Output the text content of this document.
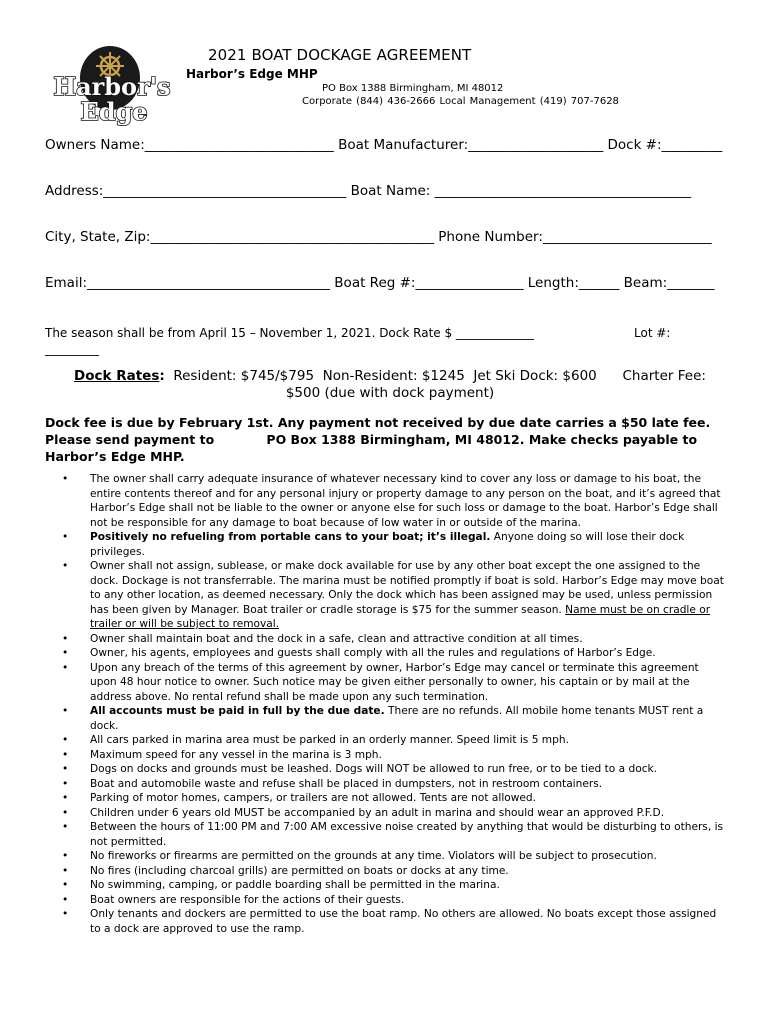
Harbor's
Edge
2021 BOAT DOCKAGE AGREEMENT
Harbor’s Edge MHP
PO Box 1388 Birmingham, MI 48012
Corporate (844) 436-2666 Local Management (419) 707-7628
Owners Name:____________________________ Boat Manufacturer:____________________ Dock #:_________
Address:____________________________________ Boat Name: ______________________________________
City, State, Zip:__________________________________________ Phone Number:_________________________
Email:____________________________________ Boat Reg #:________________ Length:______ Beam:_______
The season shall be from April 15 – November 1, 2021. Dock Rate $ _____________	Lot #:
_________
Dock Rates:  Resident: $745/$795  Non-Resident: $1245  Jet Ski Dock: $600      Charter Fee: $500 (due with dock payment)
Dock fee is due by February 1st. Any payment not received by due date carries a $50 late fee. Please send payment to            PO Box 1388 Birmingham, MI 48012. Make checks payable to Harbor’s Edge MHP.
• The owner shall carry adequate insurance of whatever necessary kind to cover any loss or damage to his boat, the entire contents thereof and for any personal injury or property damage to any person on the boat, and it’s agreed that Harbor’s Edge shall not be liable to the owner or anyone else for such loss or damage to the boat. Harbor’s Edge shall not be responsible for any damage to boat because of low water in or outside of the marina.
• Positively no refueling from portable cans to your boat; it’s illegal. Anyone doing so will lose their dock privileges.
• Owner shall not assign, sublease, or make dock available for use by any other boat except the one assigned to the dock. Dockage is not transferrable. The marina must be notified promptly if boat is sold. Harbor’s Edge may move boat to any other location, as deemed necessary. Only the dock which has been assigned may be used, unless permission has been given by Manager. Boat trailer or cradle storage is $75 for the summer season. Name must be on cradle or trailer or will be subject to removal.
• Owner shall maintain boat and the dock in a safe, clean and attractive condition at all times.
• Owner, his agents, employees and guests shall comply with all the rules and regulations of Harbor’s Edge.
• Upon any breach of the terms of this agreement by owner, Harbor’s Edge may cancel or terminate this agreement upon 48 hour notice to owner. Such notice may be given either personally to owner, his captain or by mail at the address above. No rental refund shall be made upon any such termination.
• All accounts must be paid in full by the due date. There are no refunds. All mobile home tenants MUST rent a dock.
• All cars parked in marina area must be parked in an orderly manner. Speed limit is 5 mph.
• Maximum speed for any vessel in the marina is 3 mph.
• Dogs on docks and grounds must be leashed. Dogs will NOT be allowed to run free, or to be tied to a dock.
• Boat and automobile waste and refuse shall be placed in dumpsters, not in restroom containers.
• Parking of motor homes, campers, or trailers are not allowed. Tents are not allowed.
• Children under 6 years old MUST be accompanied by an adult in marina and should wear an approved P.F.D.
• Between the hours of 11:00 PM and 7:00 AM excessive noise created by anything that would be disturbing to others, is not permitted.
• No fireworks or firearms are permitted on the grounds at any time. Violators will be subject to prosecution.
• No fires (including charcoal grills) are permitted on boats or docks at any time.
• No swimming, camping, or paddle boarding shall be permitted in the marina.
• Boat owners are responsible for the actions of their guests.
• Only tenants and dockers are permitted to use the boat ramp. No others are allowed. No boats except those assigned to a dock are approved to use the ramp.
